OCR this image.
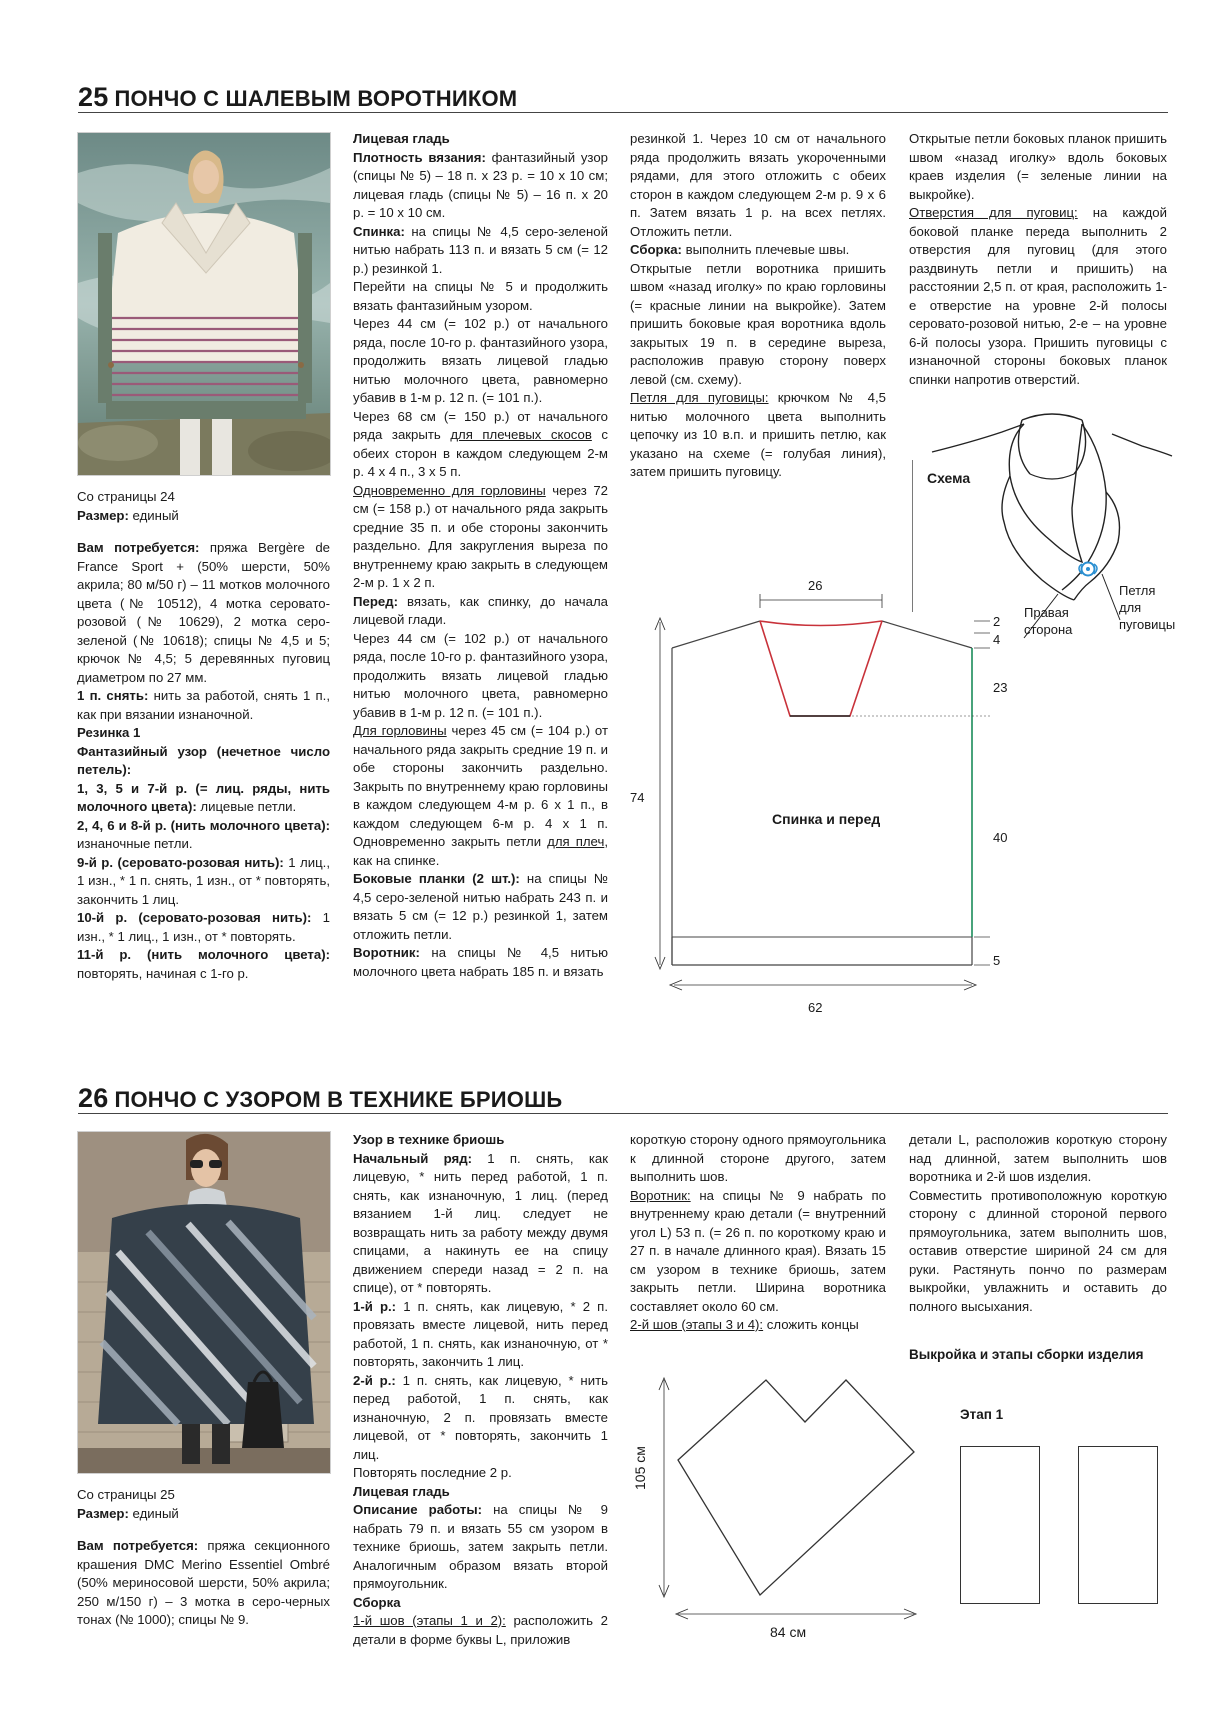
25 ПОНЧО С ШАЛЕВЫМ ВОРОТНИКОМ

Со страницы 24

Размер: единый

Вам потребуется: пряжа Bergère de France Sport + (50% шерсти, 50% акрила; 80 м/50 г) – 11 мотков молочного цвета (№ 10512), 4 мотка серовато-розовой (№ 10629), 2 мотка серо-зеленой (№ 10618); спицы № 4,5 и 5; крючок № 4,5; 5 деревянных пуговиц диаметром по 27 мм.

1 п. снять: нить за работой, снять 1 п., как при вязании изнаночной.

Резинка 1

Фантазийный узор (нечетное число петель):

1, 3, 5 и 7-й р. (= лиц. ряды, нить молочного цвета): лицевые петли.

2, 4, 6 и 8-й р. (нить молочного цвета): изнаночные петли.

9-й р. (серовато-розовая нить): 1 лиц., 1 изн., * 1 п. снять, 1 изн., от * повторять, закончить 1 лиц.

10-й р. (серовато-розовая нить): 1 изн., * 1 лиц., 1 изн., от * повторять.

11-й р. (нить молочного цвета): повторять, начиная с 1-го р.

Лицевая гладь

Плотность вязания: фантазийный узор (спицы № 5) – 18 п. х 23 р. = 10 х 10 см; лицевая гладь (спицы № 5) – 16 п. х 20 р. = 10 х 10 см.

Спинка: на спицы № 4,5 серо-зеленой нитью набрать 113 п. и вязать 5 см (= 12 р.) резинкой 1.

Перейти на спицы № 5 и продолжить вязать фантазийным узором.

Через 44 см (= 102 р.) от начального ряда, после 10-го р. фантазийного узора, продолжить вязать лицевой гладью нитью молочного цвета, равномерно убавив в 1-м р. 12 п. (= 101 п.).

Через 68 см (= 150 р.) от начального ряда закрыть для плечевых скосов с обеих сторон в каждом следующем 2-м р. 4 х 4 п., 3 х 5 п.

Одновременно для горловины через 72 см (= 158 р.) от начального ряда закрыть средние 35 п. и обе стороны закончить раздельно. Для закругления выреза по внутреннему краю закрыть в следующем 2-м р. 1 х 2 п.

Перед: вязать, как спинку, до начала лицевой глади.

Через 44 см (= 102 р.) от начального ряда, после 10-го р. фантазийного узора, продолжить вязать лицевой гладью нитью молочного цвета, равномерно убавив в 1-м р. 12 п. (= 101 п.).

Для горловины через 45 см (= 104 р.) от начального ряда закрыть средние 19 п. и обе стороны закончить раздельно. Закрыть по внутреннему краю горловины в каждом следующем 4-м р. 6 х 1 п., в каждом следующем 6-м р. 4 х 1 п. Одновременно закрыть петли для плеч, как на спинке.

Боковые планки (2 шт.): на спицы № 4,5 серо-зеленой нитью набрать 243 п. и вязать 5 см (= 12 р.) резинкой 1, затем отложить петли.

Воротник: на спицы № 4,5 нитью молочного цвета набрать 185 п. и вязать

резинкой 1. Через 10 см от начального ряда продолжить вязать укороченными рядами, для этого отложить с обеих сторон в каждом следующем 2-м р. 9 х 6 п. Затем вязать 1 р. на всех петлях. Отложить петли.

Сборка: выполнить плечевые швы.

Открытые петли воротника пришить швом «назад иголку» по краю горловины (= красные линии на выкройке). Затем пришить боковые края воротника вдоль закрытых 19 п. в середине выреза, расположив правую сторону поверх левой (см. схему).

Петля для пуговицы: крючком № 4,5 нитью молочного цвета выполнить цепочку из 10 в.п. и пришить петлю, как указано на схеме (= голубая линия), затем пришить пуговицу.

Открытые петли боковых планок пришить швом «назад иголку» вдоль боковых краев изделия (= зеленые линии на выкройке).

Отверстия для пуговиц: на каждой боковой планке переда выполнить 2 отверстия для пуговиц (для этого раздвинуть петли и пришить) на расстоянии 2,5 п. от края, расположить 1-е отверстие на уровне 2-й полосы серовато-розовой нитью, 2-е – на уровне 6-й полосы узора. Пришить пуговицы с изнаночной стороны боковых планок спинки напротив отверстий.

Схема
Правая
сторона
Петля
для
пуговицы
26
74
62
2
4
23
40
5
Спинка и перед
26 ПОНЧО С УЗОРОМ В ТЕХНИКЕ БРИОШЬ

Со страницы 25

Размер: единый

Вам потребуется: пряжа секционного крашения DMC Merino Essentiel Ombré (50% мериносовой шерсти, 50% акрила; 250 м/150 г) – 3 мотка в серо-черных тонах (№ 1000); спицы № 9.

Узор в технике бриошь

Начальный ряд: 1 п. снять, как лицевую, * нить перед работой, 1 п. снять, как изнаночную, 1 лиц. (перед вязанием 1-й лиц. следует не возвращать нить за работу между двумя спицами, а накинуть ее на спицу движением спереди назад = 2 п. на спице), от * повторять.

1-й р.: 1 п. снять, как лицевую, * 2 п. провязать вместе лицевой, нить перед работой, 1 п. снять, как изнаночную, от * повторять, закончить 1 лиц.

2-й р.: 1 п. снять, как лицевую, * нить перед работой, 1 п. снять, как изнаночную, 2 п. провязать вместе лицевой, от * повторять, закончить 1 лиц.

Повторять последние 2 р.

Лицевая гладь

Описание работы: на спицы № 9 набрать 79 п. и вязать 55 см узором в технике бриошь, затем закрыть петли. Аналогичным образом вязать второй прямоугольник.

Сборка

1-й шов (этапы 1 и 2): расположить 2 детали в форме буквы L, приложив

короткую сторону одного прямоугольника к длинной стороне другого, затем выполнить шов.

Воротник: на спицы № 9 набрать по внутреннему краю детали (= внутренний угол L) 53 п. (= 26 п. по короткому краю и 27 п. в начале длинного края). Вязать 15 см узором в технике бриошь, затем закрыть петли. Ширина воротника составляет около 60 см.

2-й шов (этапы 3 и 4): сложить концы

детали L, расположив короткую сторону над длинной, затем выполнить шов воротника и 2-й шов изделия.

Совместить противоположную короткую сторону с длинной стороной первого прямоугольника, затем выполнить шов, оставив отверстие шириной 24 см для руки. Растянуть пончо по размерам выкройки, увлажнить и оставить до полного высыхания.

Выкройка и этапы сборки изделия
Этап 1
105 см
84 см
